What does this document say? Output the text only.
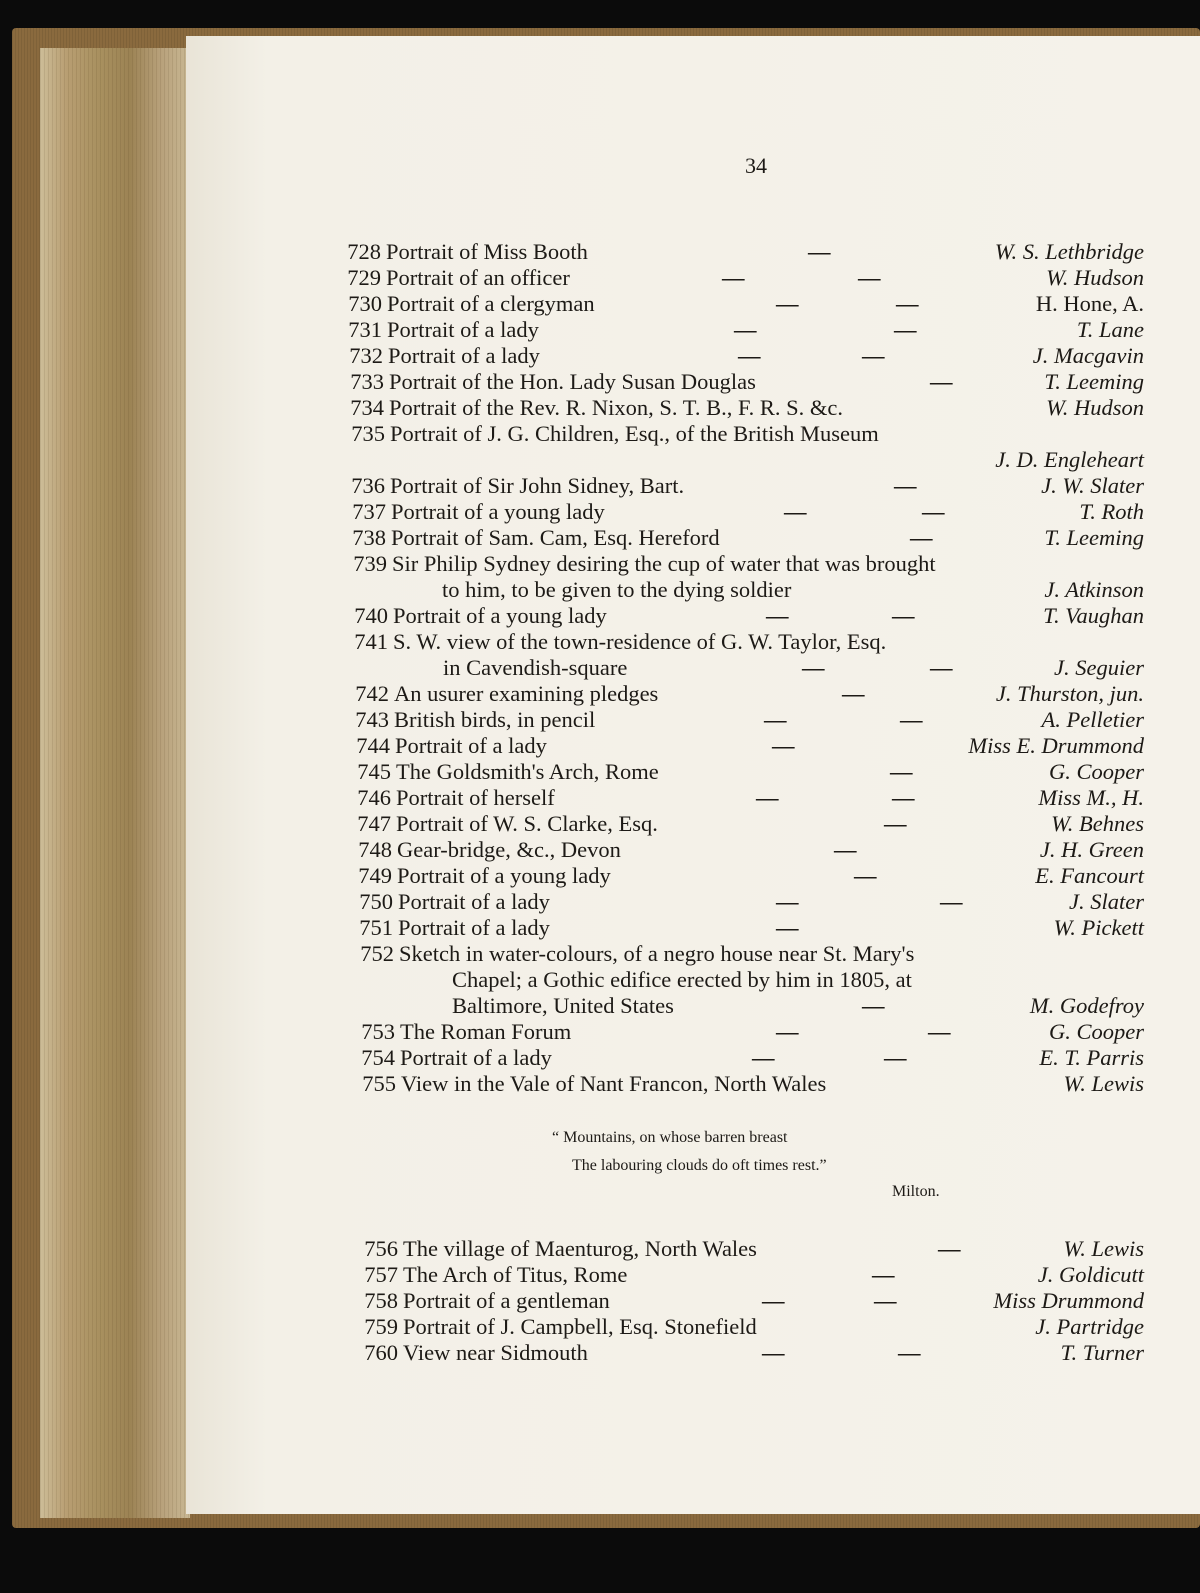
34
728 Portrait of Miss Booth	—	W. S. Lethbridge
729 Portrait of an officer	—	—	W. Hudson
730 Portrait of a clergyman	—	—	H. Hone, A.
731 Portrait of a lady	—	—	T. Lane
732 Portrait of a lady	—	—	J. Macgavin
733 Portrait of the Hon. Lady Susan Douglas	—	T. Leeming
734 Portrait of the Rev. R. Nixon, S. T. B., F. R. S. &c.	W. Hudson
735 Portrait of J. G. Children, Esq., of the British Museum
J. D. Engleheart
736 Portrait of Sir John Sidney, Bart.	—	J. W. Slater
737 Portrait of a young lady	—	—	T. Roth
738 Portrait of Sam. Cam, Esq. Hereford	—	T. Leeming
739 Sir Philip Sydney desiring the cup of water that was brought
to him, to be given to the dying soldier	J. Atkinson
740 Portrait of a young lady	—	—	T. Vaughan
741 S. W. view of the town-residence of G. W. Taylor, Esq.
in Cavendish-square	—	—	J. Seguier
742 An usurer examining pledges	—	J. Thurston, jun.
743 British birds, in pencil	—	—	A. Pelletier
744 Portrait of a lady	—	Miss E. Drummond
745 The Goldsmith's Arch, Rome	—	G. Cooper
746 Portrait of herself	—	—	Miss M., H.
747 Portrait of W. S. Clarke, Esq.	—	W. Behnes
748 Gear-bridge, &c., Devon	—	J. H. Green
749 Portrait of a young lady	—	E. Fancourt
750 Portrait of a lady	—	—	J. Slater
751 Portrait of a lady	—	W. Pickett
752 Sketch in water-colours, of a negro house near St. Mary's
Chapel; a Gothic edifice erected by him in 1805, at
Baltimore, United States	—	M. Godefroy
753 The Roman Forum	—	—	G. Cooper
754 Portrait of a lady	—	—	E. T. Parris
755 View in the Vale of Nant Francon, North Wales	W. Lewis
“ Mountains, on whose barren breast
The labouring clouds do oft times rest.”
Milton.
756 The village of Maenturog, North Wales	—	W. Lewis
757 The Arch of Titus, Rome	—	J. Goldicutt
758 Portrait of a gentleman	—	—	Miss Drummond
759 Portrait of J. Campbell, Esq. Stonefield	J. Partridge
760 View near Sidmouth	—	—	T. Turner
